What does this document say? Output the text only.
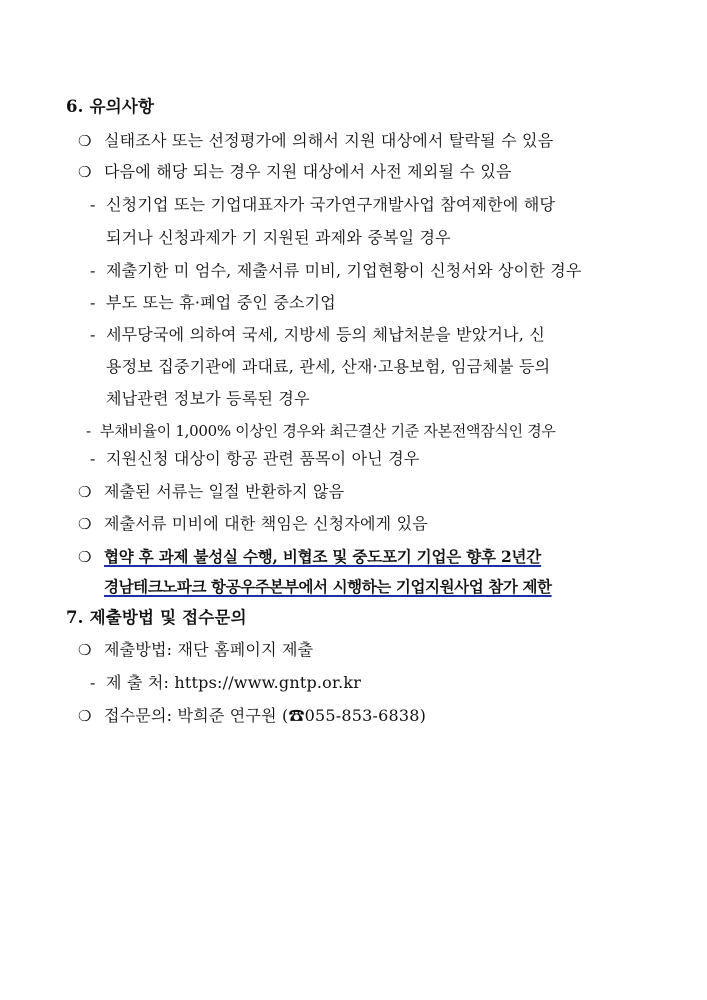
6. 유의사항
❍ 실태조사 또는 선정평가에 의해서 지원 대상에서 탈락될 수 있음
❍ 다음에 해당 되는 경우 지원 대상에서 사전 제외될 수 있음
- 신청기업 또는 기업대표자가 국가연구개발사업 참여제한에 해당
되거나 신청과제가 기 지원된 과제와 중복일 경우
- 제출기한 미 엄수, 제출서류 미비, 기업현황이 신청서와 상이한 경우
- 부도 또는 휴·폐업 중인 중소기업
- 세무당국에 의하여 국세, 지방세 등의 체납처분을 받았거나, 신
용정보 집중기관에 과대료, 관세, 산재·고용보험, 임금체불 등의
체납관련 정보가 등록된 경우
- 부채비율이 1,000% 이상인 경우와 최근결산 기준 자본전액잠식인 경우
- 지원신청 대상이 항공 관련 품목이 아닌 경우
❍ 제출된 서류는 일절 반환하지 않음
❍ 제출서류 미비에 대한 책임은 신청자에게 있음
❍ 협약 후 과제 불성실 수행, 비협조 및 중도포기 기업은 향후 2년간
경남테크노파크 항공우주본부에서 시행하는 기업지원사업 참가 제한
7. 제출방법 및 접수문의
❍ 제출방법: 재단 홈페이지 제출
- 제 출 처: https://www.gntp.or.kr
❍ 접수문의: 박희준 연구원 (☎055-853-6838)
